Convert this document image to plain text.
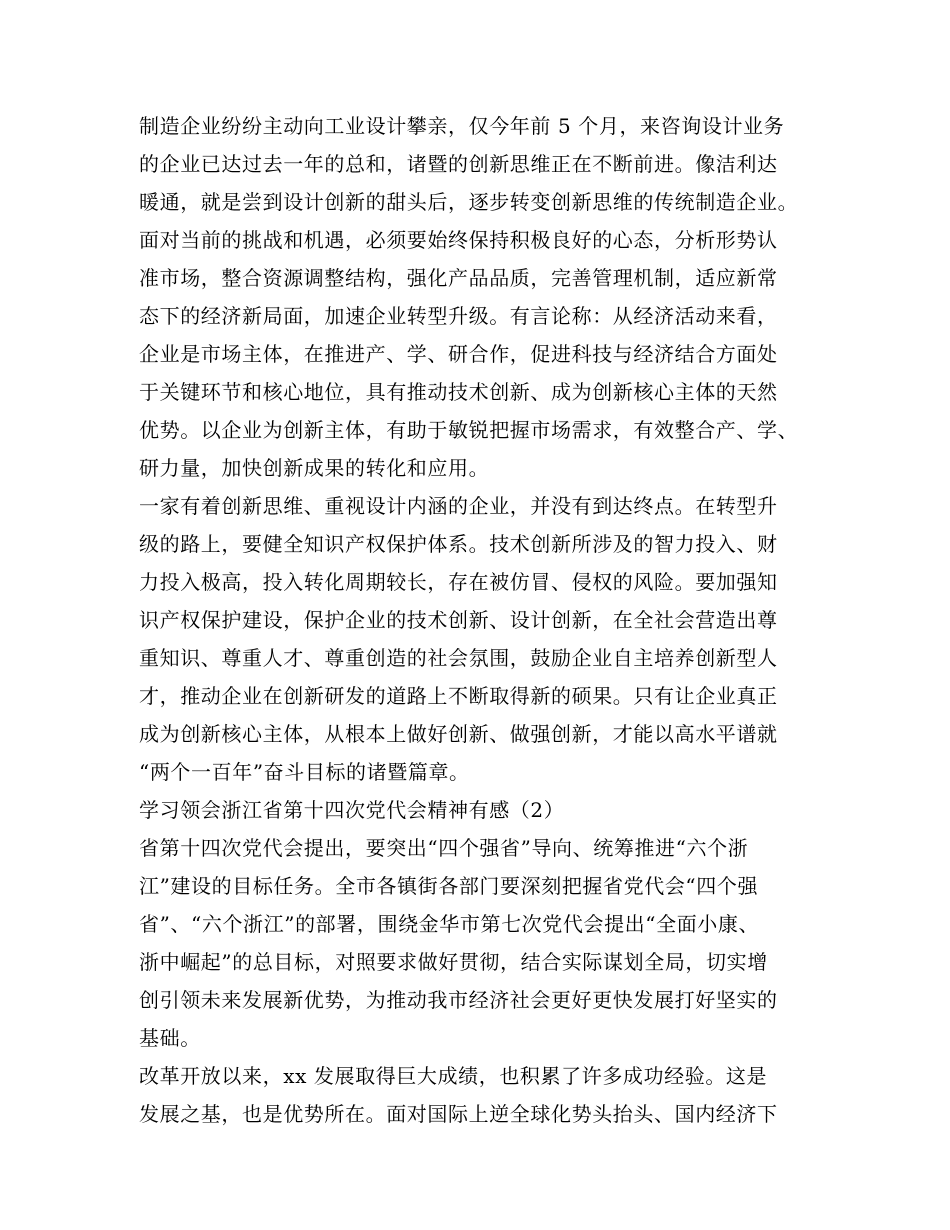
制造企业纷纷主动向工业设计攀亲，仅今年前 5 个月，来咨询设计业务
的企业已达过去一年的总和，诸暨的创新思维正在不断前进。像洁利达
暖通，就是尝到设计创新的甜头后，逐步转变创新思维的传统制造企业。
面对当前的挑战和机遇，必须要始终保持积极良好的心态，分析形势认
准市场，整合资源调整结构，强化产品品质，完善管理机制，适应新常
态下的经济新局面，加速企业转型升级。有言论称：从经济活动来看，
企业是市场主体，在推进产、学、研合作，促进科技与经济结合方面处
于关键环节和核心地位，具有推动技术创新、成为创新核心主体的天然
优势。以企业为创新主体，有助于敏锐把握市场需求，有效整合产、学、
研力量，加快创新成果的转化和应用。
一家有着创新思维、重视设计内涵的企业，并没有到达终点。在转型升
级的路上，要健全知识产权保护体系。技术创新所涉及的智力投入、财
力投入极高，投入转化周期较长，存在被仿冒、侵权的风险。要加强知
识产权保护建设，保护企业的技术创新、设计创新，在全社会营造出尊
重知识、尊重人才、尊重创造的社会氛围，鼓励企业自主培养创新型人
才，推动企业在创新研发的道路上不断取得新的硕果。只有让企业真正
成为创新核心主体，从根本上做好创新、做强创新，才能以高水平谱就
“两个一百年”奋斗目标的诸暨篇章。
学习领会浙江省第十四次党代会精神有感（2）
省第十四次党代会提出，要突出“四个强省”导向、统筹推进“六个浙
江”建设的目标任务。全市各镇街各部门要深刻把握省党代会“四个强
省”、“六个浙江”的部署，围绕金华市第七次党代会提出“全面小康、
浙中崛起”的总目标，对照要求做好贯彻，结合实际谋划全局，切实增
创引领未来发展新优势，为推动我市经济社会更好更快发展打好坚实的
基础。
改革开放以来，xx 发展取得巨大成绩，也积累了许多成功经验。这是
发展之基，也是优势所在。面对国际上逆全球化势头抬头、国内经济下
